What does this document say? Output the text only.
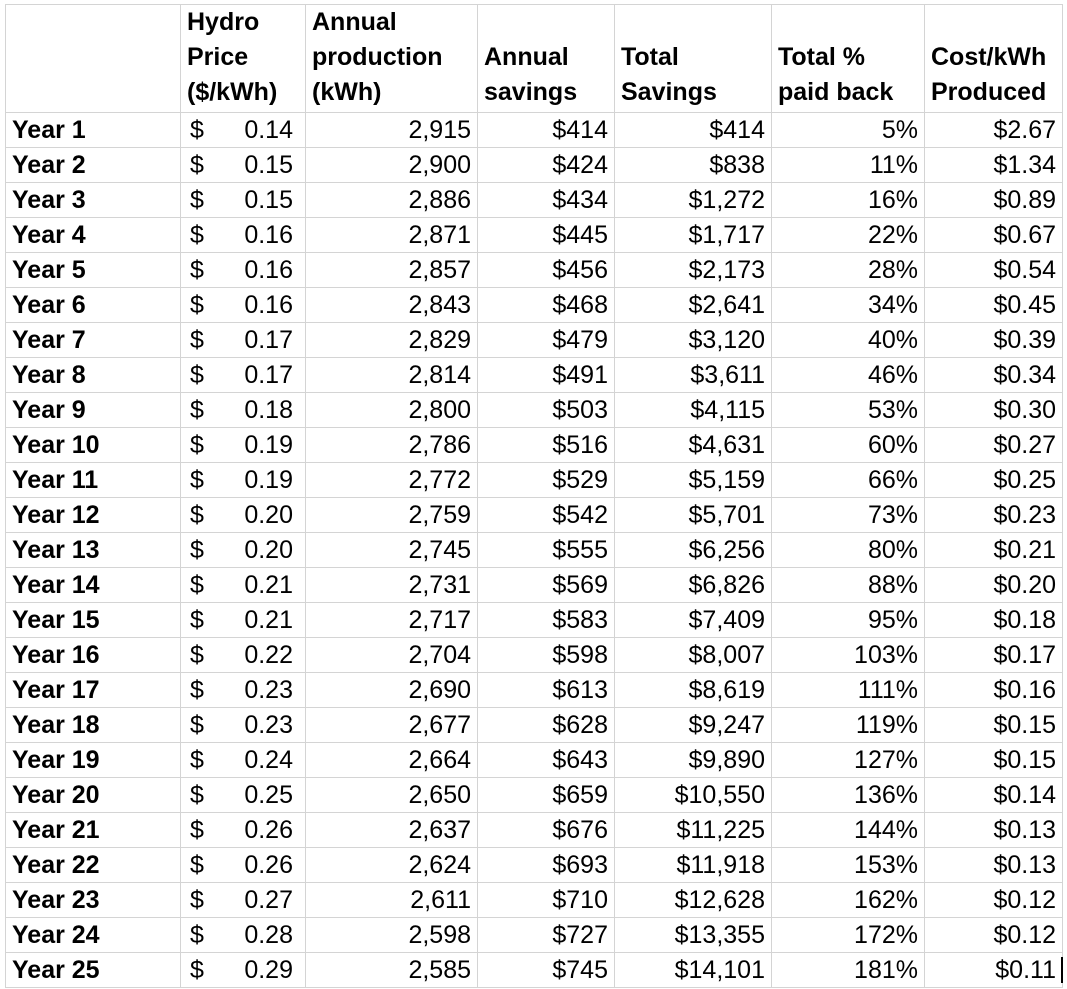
	Hydro Price ($/kWh)	Annual production (kWh)	Annual savings	Total Savings	Total % paid back	Cost/kWh Produced
Year 1	$ 0.14	2,915	$414	$414	5%	$2.67
Year 2	$ 0.15	2,900	$424	$838	11%	$1.34
Year 3	$ 0.15	2,886	$434	$1,272	16%	$0.89
Year 4	$ 0.16	2,871	$445	$1,717	22%	$0.67
Year 5	$ 0.16	2,857	$456	$2,173	28%	$0.54
Year 6	$ 0.16	2,843	$468	$2,641	34%	$0.45
Year 7	$ 0.17	2,829	$479	$3,120	40%	$0.39
Year 8	$ 0.17	2,814	$491	$3,611	46%	$0.34
Year 9	$ 0.18	2,800	$503	$4,115	53%	$0.30
Year 10	$ 0.19	2,786	$516	$4,631	60%	$0.27
Year 11	$ 0.19	2,772	$529	$5,159	66%	$0.25
Year 12	$ 0.20	2,759	$542	$5,701	73%	$0.23
Year 13	$ 0.20	2,745	$555	$6,256	80%	$0.21
Year 14	$ 0.21	2,731	$569	$6,826	88%	$0.20
Year 15	$ 0.21	2,717	$583	$7,409	95%	$0.18
Year 16	$ 0.22	2,704	$598	$8,007	103%	$0.17
Year 17	$ 0.23	2,690	$613	$8,619	111%	$0.16
Year 18	$ 0.23	2,677	$628	$9,247	119%	$0.15
Year 19	$ 0.24	2,664	$643	$9,890	127%	$0.15
Year 20	$ 0.25	2,650	$659	$10,550	136%	$0.14
Year 21	$ 0.26	2,637	$676	$11,225	144%	$0.13
Year 22	$ 0.26	2,624	$693	$11,918	153%	$0.13
Year 23	$ 0.27	2,611	$710	$12,628	162%	$0.12
Year 24	$ 0.28	2,598	$727	$13,355	172%	$0.12
Year 25	$ 0.29	2,585	$745	$14,101	181%	$0.11
